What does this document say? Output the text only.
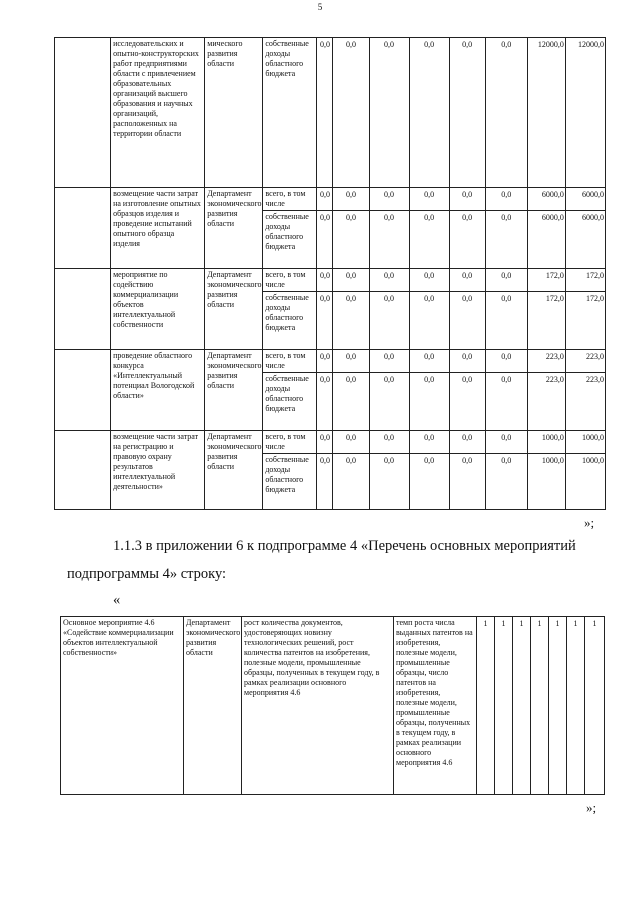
5
	исследовательских и опытно-конструкторских работ предприятиями области с привлечением образовательных организаций высшего образования и научных организаций, расположенных на территории области	мического развития области	собственные доходы областного бюджета	0,0	0,0	0,0	0,0	0,0	0,0	12000,0	12000,0
	возмещение части затрат на изготовление опытных образцов изделия и проведение испытаний опытного образца изделия	Департамент экономического развития области	всего, в том числе	0,0	0,0	0,0	0,0	0,0	0,0	6000,0	6000,0
			собственные доходы областного бюджета	0,0	0,0	0,0	0,0	0,0	0,0	6000,0	6000,0
	мероприятие по содействию коммерциализации объектов интеллектуальной собственности	Департамент экономического развития области	всего, в том числе	0,0	0,0	0,0	0,0	0,0	0,0	172,0	172,0
			собственные доходы областного бюджета	0,0	0,0	0,0	0,0	0,0	0,0	172,0	172,0
	проведение областного конкурса «Интеллектуальный потенциал Вологодской области»	Департамент экономического развития области	всего, в том числе	0,0	0,0	0,0	0,0	0,0	0,0	223,0	223,0
			собственные доходы областного бюджета	0,0	0,0	0,0	0,0	0,0	0,0	223,0	223,0
	возмещение части затрат на регистрацию и правовую охрану результатов интеллектуальной деятельности»	Департамент экономического развития области	всего, в том числе	0,0	0,0	0,0	0,0	0,0	0,0	1000,0	1000,0
			собственные доходы областного бюджета	0,0	0,0	0,0	0,0	0,0	0,0	1000,0	1000,0
»;
1.1.3 в приложении 6 к подпрограмме 4 «Перечень основных мероприятий
подпрограммы 4» строку:
«
Основное мероприятие 4.6 «Содействие коммерциализации объектов интеллектуальной собственности»	Департамент экономического развития области	рост количества документов, удостоверяющих новизну технологических решений, рост количества патентов на изобретения, полезные модели, промышленные образцы, полученных в текущем году, в рамках реализации основного мероприятия 4.6	темп роста числа выданных патентов на изобретения, полезные модели, промышленные образцы, число патентов на изобретения, полезные модели, промышленные образцы, полученных в текущем году, в рамках реализации основного мероприятия 4.6	1	1	1	1	1	1	1
»;
